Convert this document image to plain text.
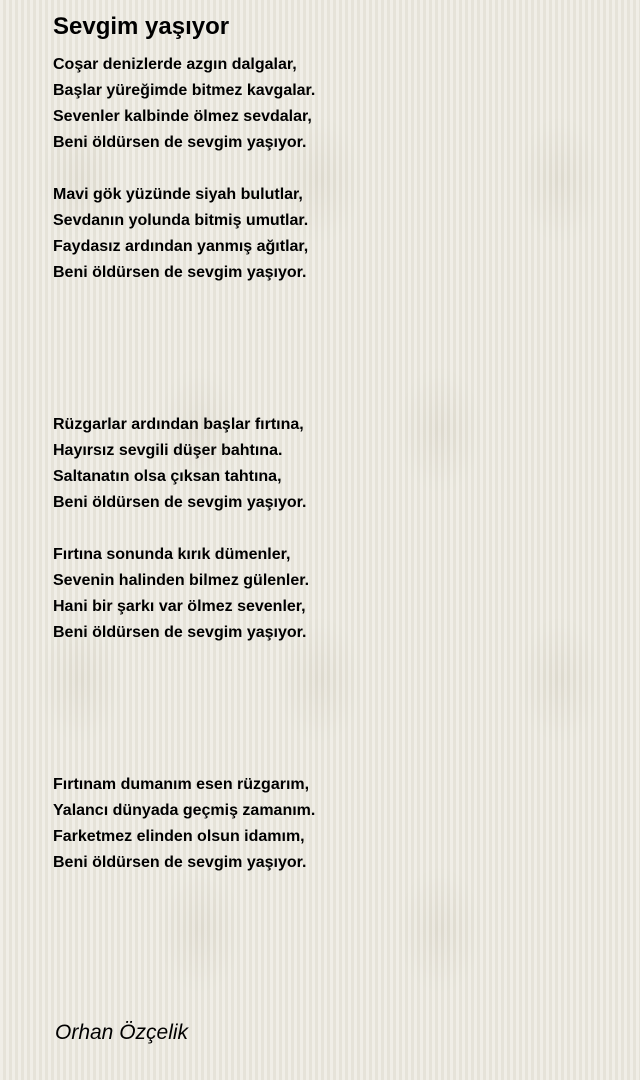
Sevgim yaşıyor
Coşar denizlerde azgın dalgalar,
Başlar yüreğimde bitmez kavgalar.
Sevenler kalbinde ölmez sevdalar,
Beni öldürsen de sevgim yaşıyor.
Mavi gök yüzünde siyah bulutlar,
Sevdanın yolunda bitmiş umutlar.
Faydasız ardından yanmış ağıtlar,
Beni öldürsen de sevgim yaşıyor.
Rüzgarlar ardından başlar fırtına,
Hayırsız sevgili düşer bahtına.
Saltanatın olsa çıksan tahtına,
Beni öldürsen de sevgim yaşıyor.
Fırtına sonunda kırık dümenler,
Sevenin halinden bilmez gülenler.
Hani bir şarkı var ölmez sevenler,
Beni öldürsen de sevgim yaşıyor.
Fırtınam dumanım esen rüzgarım,
Yalancı dünyada geçmiş zamanım.
Farketmez elinden olsun idamım,
Beni öldürsen de sevgim yaşıyor.
Orhan Özçelik
